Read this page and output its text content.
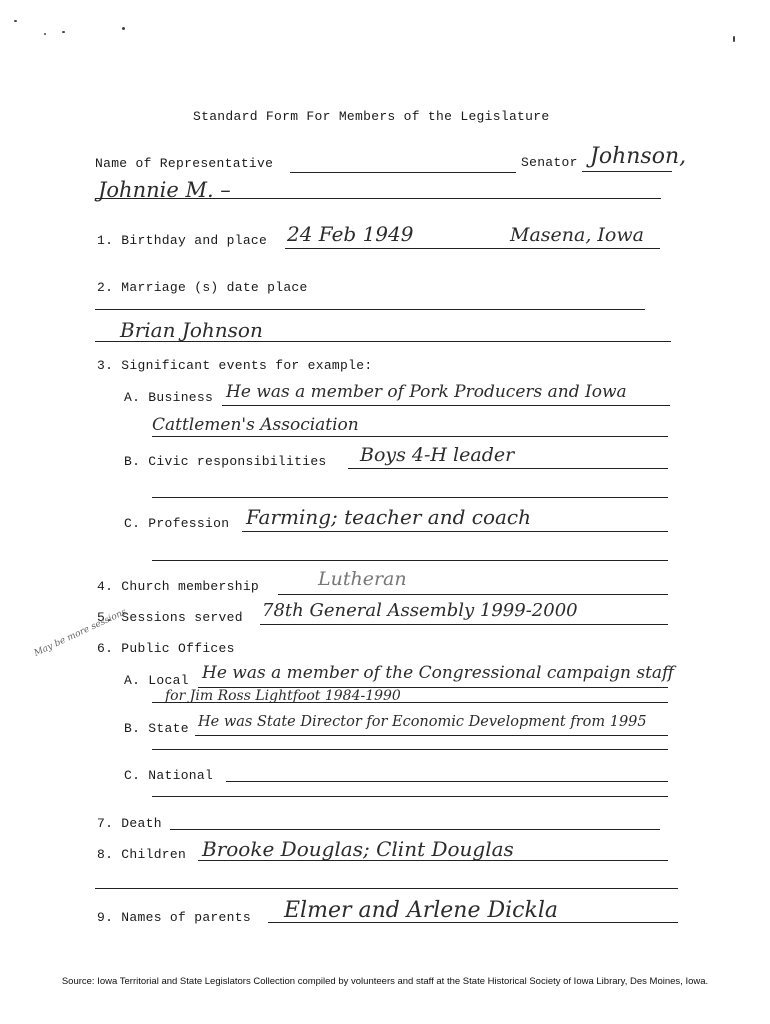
Standard Form For Members of the Legislature
Name of Representative	Senator Johnson,
Johnnie M. –
1. Birthday and place 24 Feb 1949	Masena, Iowa
2. Marriage (s) date place
Brian Johnson
3. Significant events for example:
A. Business He was a member of Pork Producers and Iowa
Cattlemen's Association
B. Civic responsibilities Boys 4-H leader
C. Profession Farming; teacher and coach
4. Church membership	Lutheran
5. Sessions served 78th General Assembly 1999-2000
May be more sessions
6. Public Offices
A. Local He was a member of the Congressional campaign staff
for Jim Ross Lightfoot 1984-1990
B. State He was State Director for Economic Development from 1995
C. National
7. Death
8. Children Brooke Douglas; Clint Douglas
9. Names of parents Elmer and Arlene Dickla
Source: Iowa Territorial and State Legislators Collection compiled by volunteers and staff at the State Historical Society of Iowa Library, Des Moines, Iowa.
